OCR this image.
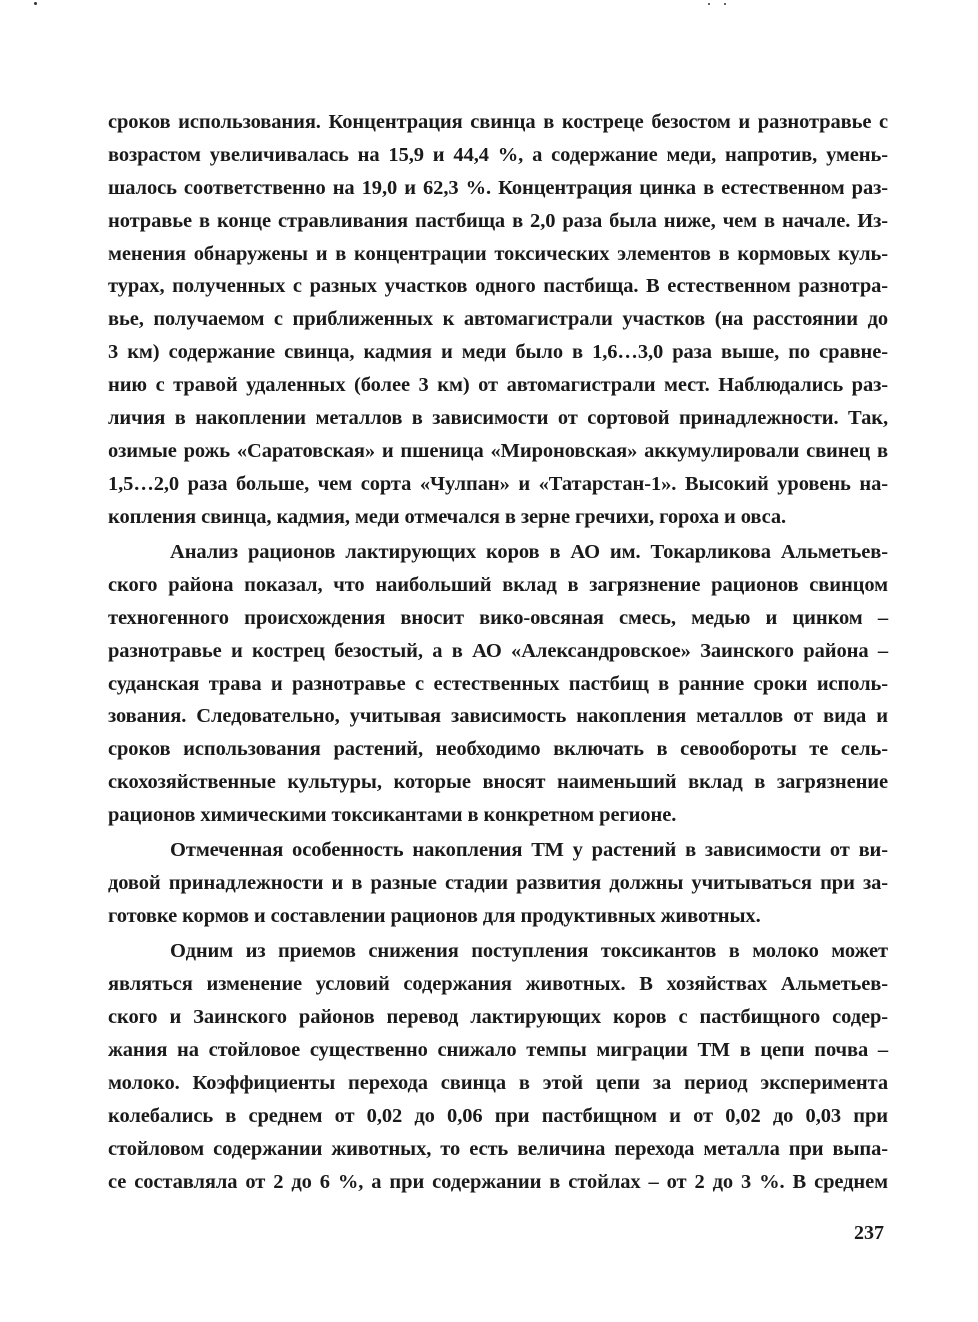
сроков использования. Концентрация свинца в кострецe безостом и разнотравье с
возрастом увеличивалась на 15,9 и 44,4 %, а содержание меди, напротив, умень-
шалось соответственно на 19,0 и 62,3 %. Концентрация цинка в естественном раз-
нотравье в конце стравливания пастбища в 2,0 раза была ниже, чем в начале. Из-
менения обнаружены и в концентрации токсических элементов в кормовых куль-
турах, полученных с разных участков одного пастбища. В естественном разнотра-
вье, получаемом с приближенных к автомагистрали участков (на расстоянии до
3 км) содержание свинца, кадмия и меди было в 1,6…3,0 раза выше, по сравне-
нию с травой удаленных (более 3 км) от автомагистрали мест. Наблюдались раз-
личия в накоплении металлов в зависимости от сортовой принадлежности. Так,
озимые рожь «Саратовская» и пшеница «Мироновская» аккумулировали свинец в
1,5…2,0 раза больше, чем сорта «Чулпан» и «Татарстан-1». Высокий уровень на-
копления свинца, кадмия, меди отмечался в зерне гречихи, гороха и овса.
Анализ рационов лактирующих коров в АО им. Токарликова Альметьев-
ского района показал, что наибольший вклад в загрязнение рационов свинцом
техногенного происхождения вносит вико-овсяная смесь, медью и цинком –
разнотравье и кострец безостый, а в АО «Александровское» Заинского района –
суданская трава и разнотравье с естественных пастбищ в ранние сроки исполь-
зования. Следовательно, учитывая зависимость накопления металлов от вида и
сроков использования растений, необходимо включать в севообороты те сель-
скохозяйственные культуры, которые вносят наименьший вклад в загрязнение
рационов химическими токсикантами в конкретном регионе.
Отмеченная особенность накопления ТМ у растений в зависимости от ви-
довой принадлежности и в разные стадии развития должны учитываться при за-
готовке кормов и составлении рационов для продуктивных животных.
Одним из приемов снижения поступления токсикантов в молоко может
являться изменение условий содержания животных. В хозяйствах Альметьев-
ского и Заинского районов перевод лактирующих коров с пастбищного содер-
жания на стойловое существенно снижало темпы миграции ТМ в цепи почва –
молоко. Коэффициенты перехода свинца в этой цепи за период эксперимента
колебались в среднем от 0,02 до 0,06 при пастбищном и от 0,02 до 0,03 при
стойловом содержании животных, то есть величина перехода металла при выпа-
се составляла от 2 до 6 %, а при содержании в стойлах – от 2 до 3 %. В среднем
237
